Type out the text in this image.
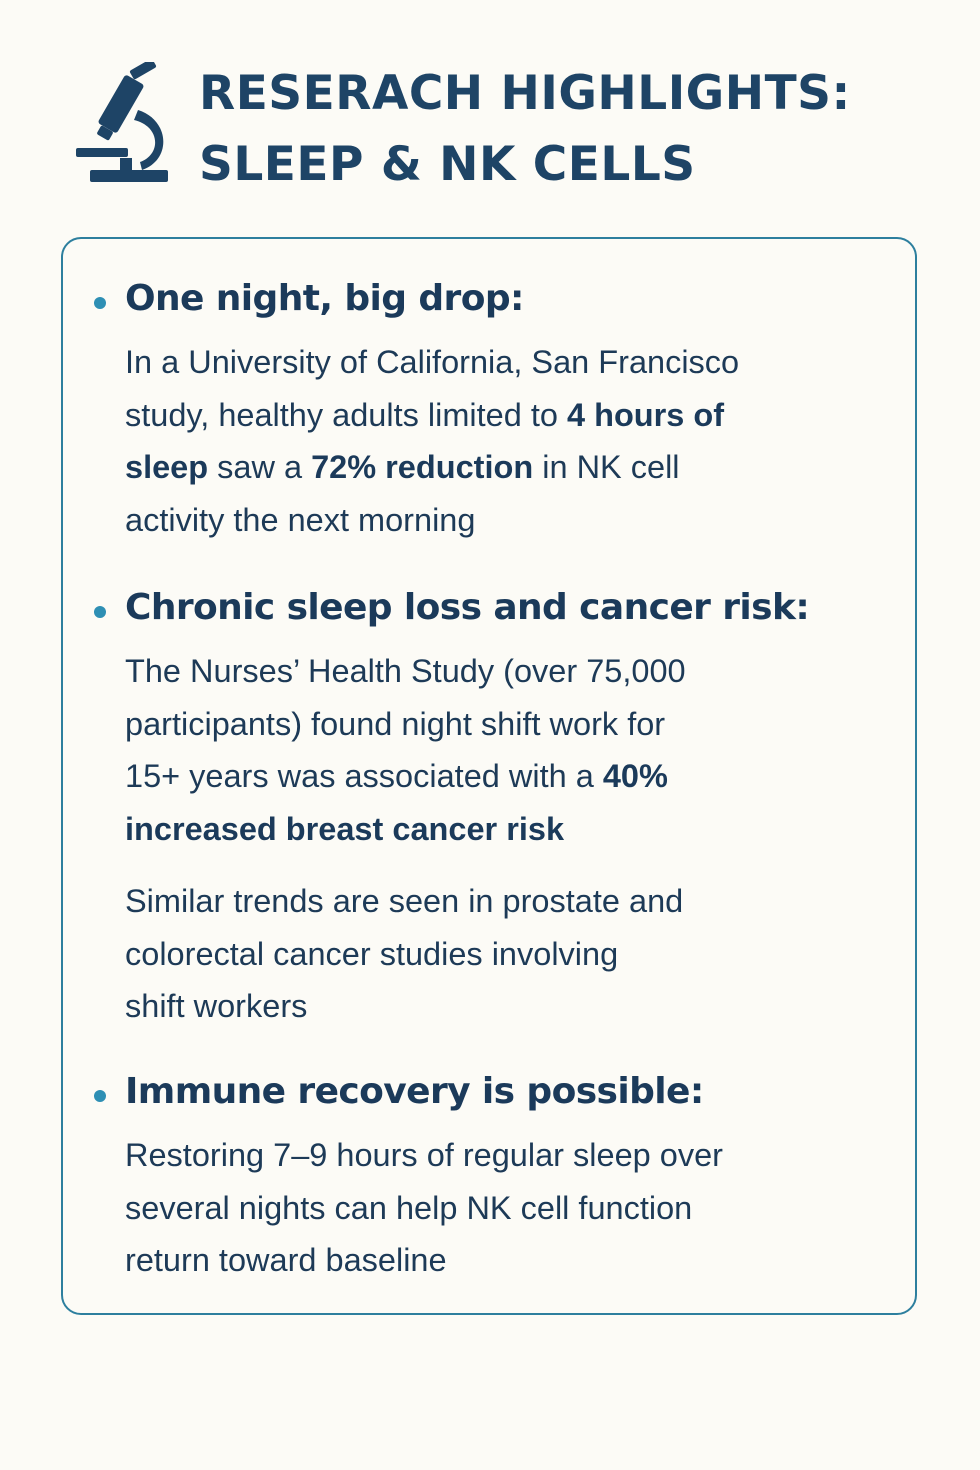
RESERACH HIGHLIGHTS:
SLEEP & NK CELLS
One night, big drop:

In a University of California, San Francisco
study, healthy adults limited to 4 hours of
sleep saw a 72% reduction in NK cell
activity the next morning

Chronic sleep loss and cancer risk:

The Nurses’ Health Study (over 75,000
participants) found night shift work for
15+ years was associated with a 40%
increased breast cancer risk

Similar trends are seen in prostate and
colorectal cancer studies involving
shift workers

Immune recovery is possible:

Restoring 7–9 hours of regular sleep over
several nights can help NK cell function
return toward baseline
